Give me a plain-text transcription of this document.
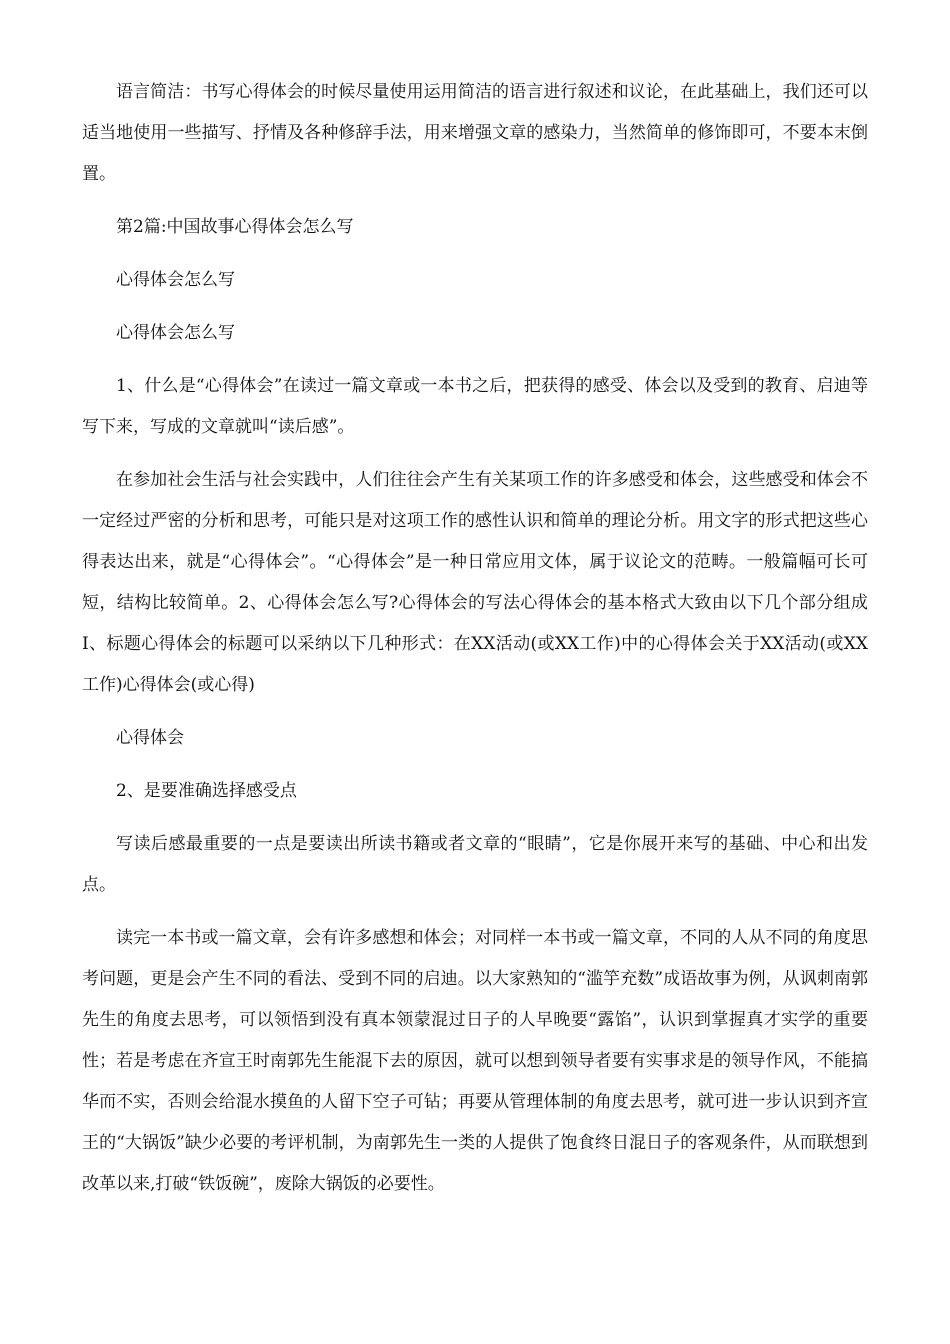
语言简洁：书写心得体会的时候尽量使用运用简洁的语言进行叙述和议论，在此基础上，我们还可以适当地使用一些描写、抒情及各种修辞手法，用来增强文章的感染力，当然简单的修饰即可，不要本末倒置。

第2篇:中国故事心得体会怎么写

心得体会怎么写

心得体会怎么写

1、什么是“心得体会”在读过一篇文章或一本书之后，把获得的感受、体会以及受到的教育、启迪等写下来，写成的文章就叫“读后感”。

在参加社会生活与社会实践中，人们往往会产生有关某项工作的许多感受和体会，这些感受和体会不一定经过严密的分析和思考，可能只是对这项工作的感性认识和简单的理论分析。用文字的形式把这些心得表达出来，就是“心得体会”。“心得体会”是一种日常应用文体，属于议论文的范畴。一般篇幅可长可短，结构比较简单。2、心得体会怎么写?心得体会的写法心得体会的基本格式大致由以下几个部分组成I、标题心得体会的标题可以采纳以下几种形式：在XX活动(或XX工作)中的心得体会关于XX活动(或XX工作)心得体会(或心得)

心得体会

2、是要准确选择感受点

写读后感最重要的一点是要读出所读书籍或者文章的“眼睛”，它是你展开来写的基础、中心和出发点。

读完一本书或一篇文章，会有许多感想和体会；对同样一本书或一篇文章，不同的人从不同的角度思考问题，更是会产生不同的看法、受到不同的启迪。以大家熟知的“滥竽充数”成语故事为例，从讽刺南郭先生的角度去思考，可以领悟到没有真本领蒙混过日子的人早晚要“露馅”，认识到掌握真才实学的重要性；若是考虑在齐宣王时南郭先生能混下去的原因，就可以想到领导者要有实事求是的领导作风，不能搞华而不实，否则会给混水摸鱼的人留下空子可钻；再要从管理体制的角度去思考，就可进一步认识到齐宣王的“大锅饭”缺少必要的考评机制，为南郭先生一类的人提供了饱食终日混日子的客观条件，从而联想到改革以来,打破“铁饭碗”，废除大锅饭的必要性。
